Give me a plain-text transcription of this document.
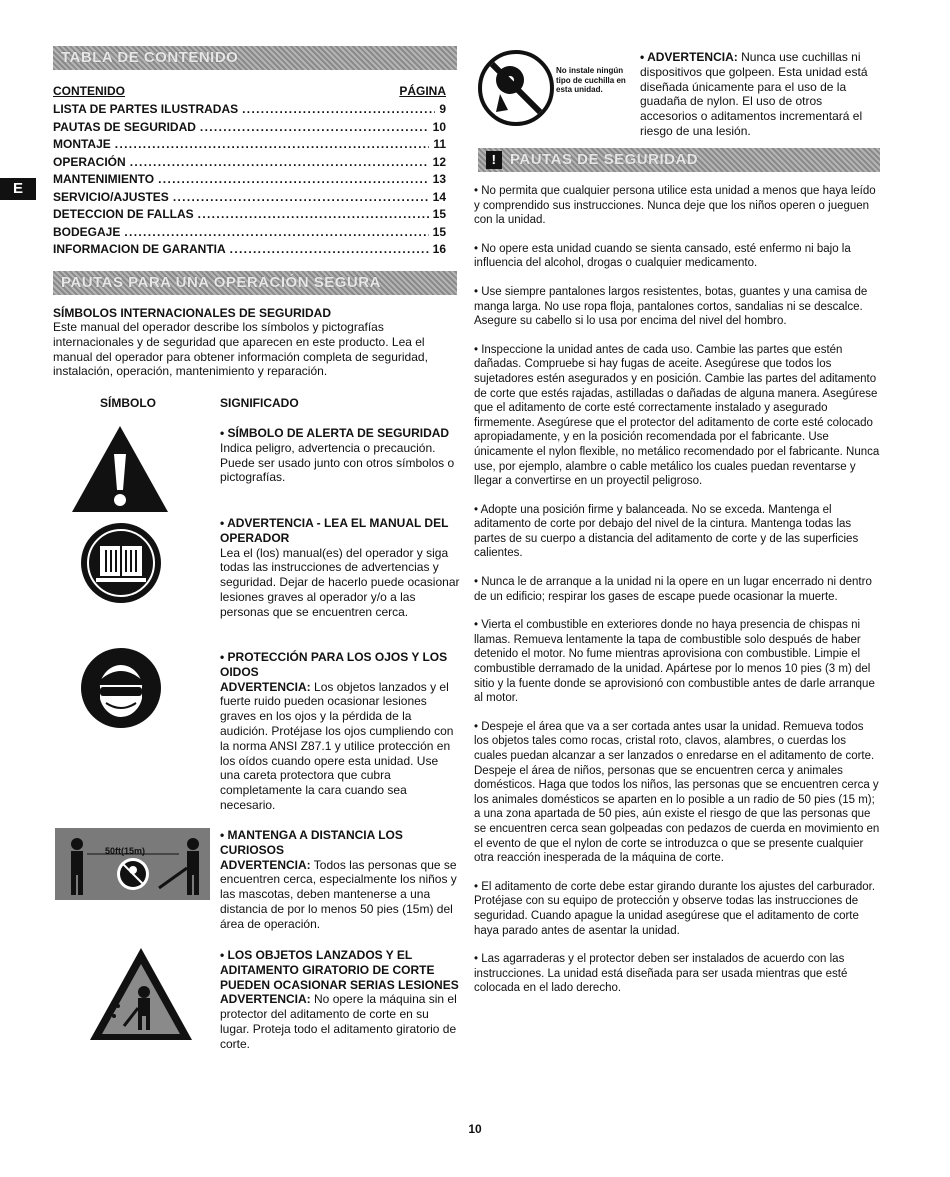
E
TABLA DE CONTENIDO
CONTENIDO	PÁGINA
LISTA DE PARTES ILUSTRADAS . . .	9
PAUTAS DE SEGURIDAD . . .	10
MONTAJE . . .	11
OPERACIÓN . . .	12
MANTENIMIENTO . . .	13
SERVICIO/AJUSTES . . .	14
DETECCION DE FALLAS . . .	15
BODEGAJE . . .	15
INFORMACION DE GARANTIA . . .	16
PAUTAS PARA UNA OPERACIÓN SEGURA
SÍMBOLOS INTERNACIONALES DE SEGURIDAD
Este manual del operador describe los símbolos y pictografías internacionales y de seguridad que aparecen en este producto. Lea el manual del operador para obtener información completa de seguridad, instalación, operación, mantenimiento y reparación.
SÍMBOLO	SIGNIFICADO
50ft(15m)
• SÍMBOLO DE ALERTA DE SEGURIDAD
Indica peligro, advertencia o precaución. Puede ser usado junto con otros símbolos o pictografías.
• ADVERTENCIA - LEA EL MANUAL DEL OPERADOR
Lea el (los) manual(es) del operador y siga todas las instrucciones de advertencias y seguridad. Dejar de hacerlo puede ocasionar lesiones graves al operador y/o a las personas que se encuentren cerca.
• PROTECCIÓN PARA LOS OJOS Y LOS OIDOS
ADVERTENCIA: Los objetos lanzados y el fuerte ruido pueden ocasionar lesiones graves en los ojos y la pérdida de la audición. Protéjase los ojos cumpliendo con la norma ANSI Z87.1 y utilice protección en los oídos cuando opere esta unidad. Use una careta protectora que cubra completamente la cara cuando sea necesario.
• MANTENGA A DISTANCIA LOS CURIOSOS
ADVERTENCIA: Todos las personas que se encuentren cerca, especialmente los niños y las mascotas, deben mantenerse a una distancia de por lo menos 50 pies (15m) del área de operación.
• LOS OBJETOS LANZADOS Y EL ADITAMENTO GIRATORIO DE CORTE PUEDEN OCASIONAR SERIAS LESIONES
ADVERTENCIA: No opere la máquina sin el protector del aditamento de corte en su lugar. Proteja todo el aditamento giratorio de corte.
No instale ningún tipo de cuchilla en esta unidad.
• ADVERTENCIA: Nunca use cuchillas ni dispositivos que golpeen. Esta unidad está diseñada únicamente para el uso de la guadaña de nylon. El uso de otros accesorios o aditamentos incrementará el riesgo de una lesión.
! PAUTAS DE SEGURIDAD
• No permita que cualquier persona utilice esta unidad a menos que haya leído y comprendido sus instrucciones. Nunca deje que los niños operen o jueguen con la unidad.
• No opere esta unidad cuando se sienta cansado, esté enfermo ni bajo la influencia del alcohol, drogas o cualquier medicamento.
• Use siempre pantalones largos resistentes, botas, guantes y una camisa de manga larga. No use ropa floja, pantalones cortos, sandalias ni se descalce. Asegure su cabello si lo usa por encima del nivel del hombro.
• Inspeccione la unidad antes de cada uso. Cambie las partes que estén dañadas. Compruebe si hay fugas de aceite. Asegúrese que todos los sujetadores estén asegurados y en posición. Cambie las partes del aditamento de corte que estés rajadas, astilladas o dañadas de alguna manera. Asegúrese que el aditamento de corte esté correctamente instalado y asegurado firmemente. Asegúrese que el protector del aditamento de corte esté colocado apropiadamente, y en la posición recomendada por el fabricante. Use únicamente el nylon flexible, no metálico recomendado por el fabricante. Nunca use, por ejemplo, alambre o cable metálico los cuales puedan reventarse y llegar a convertirse en un proyectil peligroso.
• Adopte una posición firme y balanceada. No se exceda. Mantenga el aditamento de corte por debajo del nivel de la cintura. Mantenga todas las partes de su cuerpo a distancia del aditamento de corte y de las superficies calientes.
• Nunca le de arranque a la unidad ni la opere en un lugar encerrado ni dentro de un edificio; respirar los gases de escape puede ocasionar la muerte.
• Vierta el combustible en exteriores donde no haya presencia de chispas ni llamas. Remueva lentamente la tapa de combustible solo después de haber detenido el motor. No fume mientras aprovisiona con combustible. Limpie el combustible derramado de la unidad. Apártese por lo menos 10 pies (3 m) del sitio y la fuente donde se aprovisionó con combustible antes de darle arranque al motor.
• Despeje el área que va a ser cortada antes usar la unidad. Remueva todos los objetos tales como rocas, cristal roto, clavos, alambres, o cuerdas los cuales puedan alcanzar a ser lanzados o enredarse en el aditamento de corte. Despeje el área de niños, personas que se encuentren cerca y animales domésticos. Haga que todos los niños, las personas que se encuentren cerca y los animales domésticos se aparten en lo posible a un radio de 50 pies (15 m); a una zona apartada de 50 pies, aún existe el riesgo de que las personas que se encuentren cerca sean golpeadas con pedazos de cuerda en movimiento en el evento de que el nylon de corte se introduzca o que se presente cualquier otra reacción inesperada de la máquina de corte.
• El aditamento de corte debe estar girando durante los ajustes del carburador. Protéjase con su equipo de protección y observe todas las instrucciones de seguridad. Cuando apague la unidad asegúrese que el aditamento de corte haya parado antes de asentar la unidad.
• Las agarraderas y el protector deben ser instalados de acuerdo con las instrucciones. La unidad está diseñada para ser usada mientras que esté colocada en el lado derecho.
10
